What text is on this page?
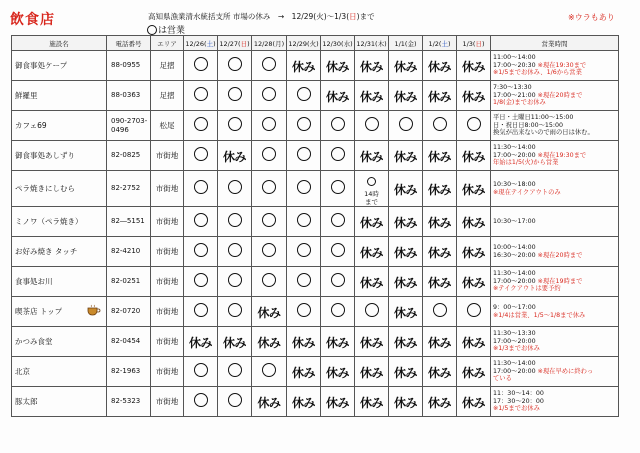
飲食店	高知県漁業清水統括支所 市場の休み　→　12/29(火)～1/3(日)まで
は営業
※ウラもあり
施設名	電話番号	エリア	12/26(土)	12/27(日)	12/28(月)	12/29(火)	12/30(水)	12/31(木)	1/1(金)	1/2(土)	1/3(日)	営業時間
御食事処ケープ	88-0955	足摺				休み	休み	休み	休み	休み	休み	11:00～14:00
17:00～20:30 ※現在19:30まで
※1/5までお休み、1/6から営業
鮮羅里	88-0363	足摺					休み	休み	休み	休み	休み	7:30～13:30
17:00～21:00 ※現在20時まで
1/8(金)までお休み
カフェ69	090-2703-
0496	松尾										平日・土曜日11:00～15:00
日・祝日日8:00～15:00
換気が出来ないので雨の日は休む。
御食事処あしずり	82-0825	市街地		休み				休み	休み	休み	休み	11:30～14:00
17:00～20:00 ※現在19:30まで
年始は1/5(火)から営業
ペラ焼きにしむら	82-2752	市街地						14時
まで	休み	休み	休み	10:30～18:00
※現在テイクアウトのみ
ミノワ（ペラ焼き）	82―5151	市街地						休み	休み	休み	休み	10:30～17:00
お好み焼き タッチ	82-4210	市街地						休み	休み	休み	休み	10:00～14:00
16:30～20:00 ※現在20時まで
食事処お川	82-0251	市街地						休み	休み	休み	休み	11:30～14:00
17:00～20:00 ※現在19時まで
※テイクアウトは要予約
喫茶店 トップ	82-0720	市街地			休み				休み			9：00～17:00
※1/4は営業、1/5～1/8まで休み
かつみ食堂	82-0454	市街地	休み	休み	休み	休み	休み	休み	休み	休み	休み	11:30～13:30
17:00～20:00
※1/3までお休み
北京	82-1963	市街地				休み	休み	休み	休み	休み	休み	11:30～14:00
17:00～20:00 ※現在早めに終わっ
ている
豚太郎	82-5323	市街地			休み	休み	休み	休み	休み	休み	休み	11：30～14：00
17：30～20：00
※1/5までお休み
